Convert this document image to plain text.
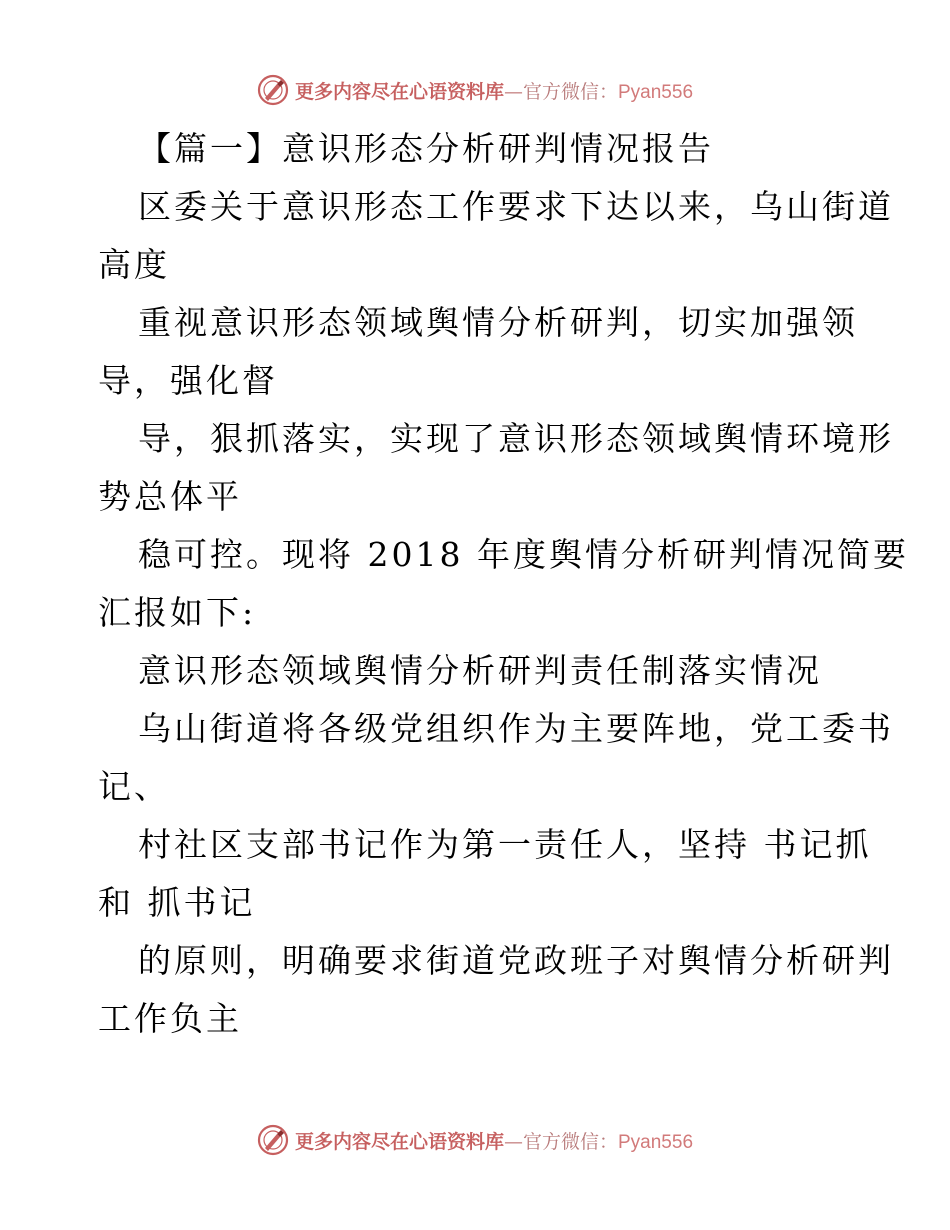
更多内容尽在心语资料库—官方微信：Pyan556
【篇一】意识形态分析研判情况报告
区委关于意识形态工作要求下达以来，乌山街道
高度
重视意识形态领域舆情分析研判，切实加强领
导，强化督
导，狠抓落实，实现了意识形态领域舆情环境形
势总体平
稳可控。现将 2018 年度舆情分析研判情况简要
汇报如下:
意识形态领域舆情分析研判责任制落实情况
乌山街道将各级党组织作为主要阵地，党工委书
记、
村社区支部书记作为第一责任人，坚持 书记抓
和 抓书记
的原则，明确要求街道党政班子对舆情分析研判
工作负主
更多内容尽在心语资料库—官方微信：Pyan556
